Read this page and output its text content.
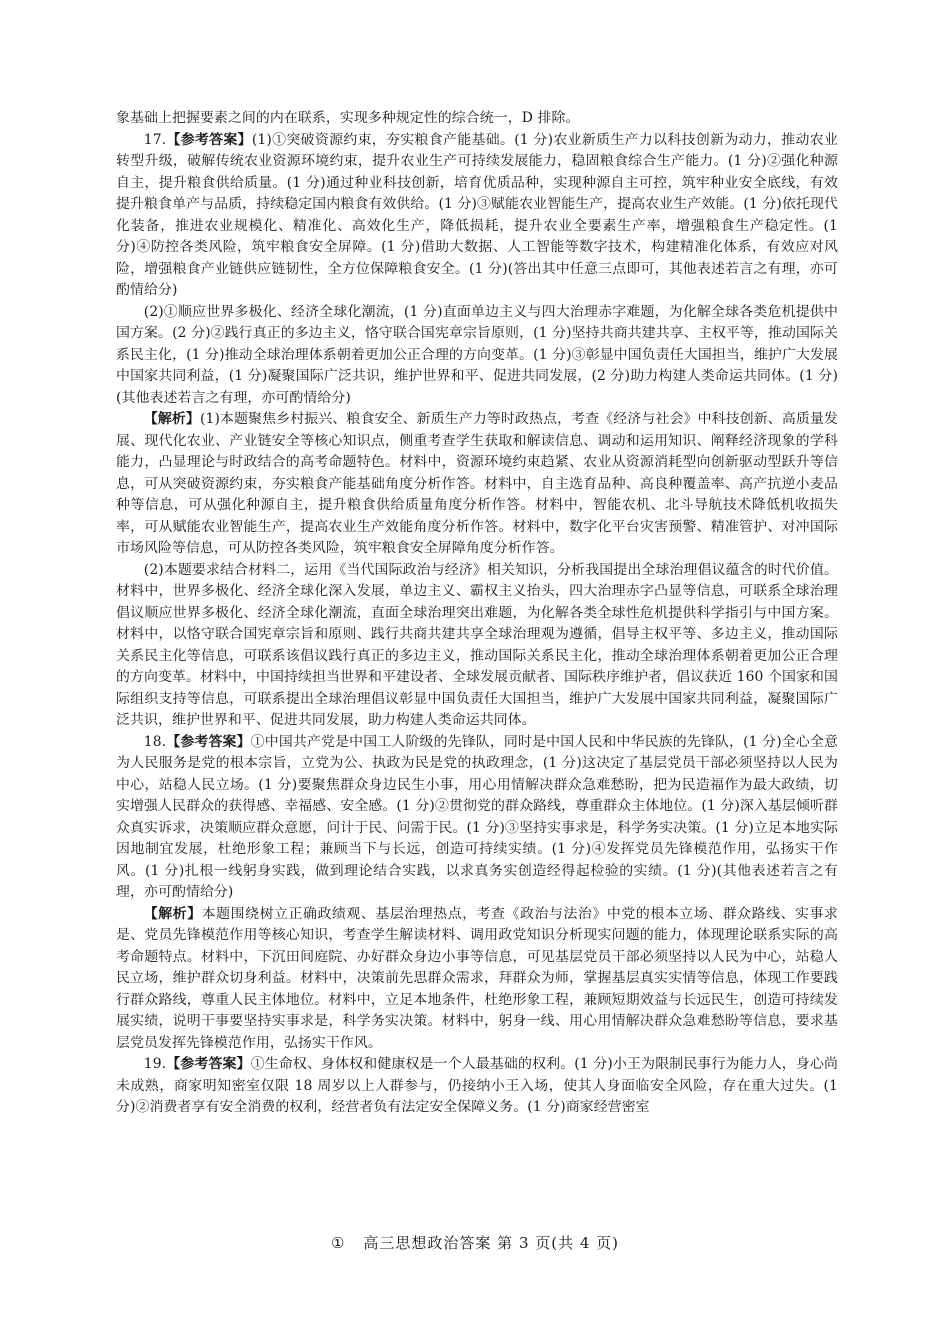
象基础上把握要素之间的内在联系，实现多种规定性的综合统一，D 排除。

17.【参考答案】(1)①突破资源约束，夯实粮食产能基础。(1 分)农业新质生产力以科技创新为动力，推动农业转型升级，破解传统农业资源环境约束，提升农业生产可持续发展能力，稳固粮食综合生产能力。(1 分)②强化种源自主，提升粮食供给质量。(1 分)通过种业科技创新，培育优质品种，实现种源自主可控，筑牢种业安全底线，有效提升粮食单产与品质，持续稳定国内粮食有效供给。(1 分)③赋能农业智能生产，提高农业生产效能。(1 分)依托现代化装备，推进农业规模化、精准化、高效化生产，降低损耗，提升农业全要素生产率，增强粮食生产稳定性。(1 分)④防控各类风险，筑牢粮食安全屏障。(1 分)借助大数据、人工智能等数字技术，构建精准化体系，有效应对风险，增强粮食产业链供应链韧性，全方位保障粮食安全。(1 分)(答出其中任意三点即可，其他表述若言之有理，亦可酌情给分)

(2)①顺应世界多极化、经济全球化潮流，(1 分)直面单边主义与四大治理赤字难题，为化解全球各类危机提供中国方案。(2 分)②践行真正的多边主义，恪守联合国宪章宗旨原则，(1 分)坚持共商共建共享、主权平等，推动国际关系民主化，(1 分)推动全球治理体系朝着更加公正合理的方向变革。(1 分)③彰显中国负责任大国担当，维护广大发展中国家共同利益，(1 分)凝聚国际广泛共识，维护世界和平、促进共同发展，(2 分)助力构建人类命运共同体。(1 分)(其他表述若言之有理，亦可酌情给分)

【解析】(1)本题聚焦乡村振兴、粮食安全、新质生产力等时政热点，考查《经济与社会》中科技创新、高质量发展、现代化农业、产业链安全等核心知识点，侧重考查学生获取和解读信息、调动和运用知识、阐释经济现象的学科能力，凸显理论与时政结合的高考命题特色。材料中，资源环境约束趋紧、农业从资源消耗型向创新驱动型跃升等信息，可从突破资源约束，夯实粮食产能基础角度分析作答。材料中，自主选育品种、高良种覆盖率、高产抗逆小麦品种等信息，可从强化种源自主，提升粮食供给质量角度分析作答。材料中，智能农机、北斗导航技术降低机收损失率，可从赋能农业智能生产，提高农业生产效能角度分析作答。材料中，数字化平台灾害预警、精准管护、对冲国际市场风险等信息，可从防控各类风险，筑牢粮食安全屏障角度分析作答。

(2)本题要求结合材料二，运用《当代国际政治与经济》相关知识，分析我国提出全球治理倡议蕴含的时代价值。材料中，世界多极化、经济全球化深入发展，单边主义、霸权主义抬头，四大治理赤字凸显等信息，可联系全球治理倡议顺应世界多极化、经济全球化潮流，直面全球治理突出难题，为化解各类全球性危机提供科学指引与中国方案。材料中，以恪守联合国宪章宗旨和原则、践行共商共建共享全球治理观为遵循，倡导主权平等、多边主义，推动国际关系民主化等信息，可联系该倡议践行真正的多边主义，推动国际关系民主化，推动全球治理体系朝着更加公正合理的方向变革。材料中，中国持续担当世界和平建设者、全球发展贡献者、国际秩序维护者，倡议获近 160 个国家和国际组织支持等信息，可联系提出全球治理倡议彰显中国负责任大国担当，维护广大发展中国家共同利益，凝聚国际广泛共识，维护世界和平、促进共同发展，助力构建人类命运共同体。

18.【参考答案】①中国共产党是中国工人阶级的先锋队，同时是中国人民和中华民族的先锋队，(1 分)全心全意为人民服务是党的根本宗旨，立党为公、执政为民是党的执政理念，(1 分)这决定了基层党员干部必须坚持以人民为中心，站稳人民立场。(1 分)要聚焦群众身边民生小事，用心用情解决群众急难愁盼，把为民造福作为最大政绩，切实增强人民群众的获得感、幸福感、安全感。(1 分)②贯彻党的群众路线，尊重群众主体地位。(1 分)深入基层倾听群众真实诉求，决策顺应群众意愿，问计于民、问需于民。(1 分)③坚持实事求是，科学务实决策。(1 分)立足本地实际因地制宜发展，杜绝形象工程；兼顾当下与长远，创造可持续实绩。(1 分)④发挥党员先锋模范作用，弘扬实干作风。(1 分)扎根一线躬身实践，做到理论结合实践，以求真务实创造经得起检验的实绩。(1 分)(其他表述若言之有理，亦可酌情给分)

【解析】本题围绕树立正确政绩观、基层治理热点，考查《政治与法治》中党的根本立场、群众路线、实事求是、党员先锋模范作用等核心知识，考查学生解读材料、调用政党知识分析现实问题的能力，体现理论联系实际的高考命题特点。材料中，下沉田间庭院、办好群众身边小事等信息，可见基层党员干部必须坚持以人民为中心，站稳人民立场，维护群众切身利益。材料中，决策前先思群众需求，拜群众为师，掌握基层真实实情等信息，体现工作要践行群众路线，尊重人民主体地位。材料中，立足本地条件，杜绝形象工程，兼顾短期效益与长远民生，创造可持续发展实绩，说明干事要坚持实事求是，科学务实决策。材料中，躬身一线、用心用情解决群众急难愁盼等信息，要求基层党员发挥先锋模范作用，弘扬实干作风。

19.【参考答案】①生命权、身体权和健康权是一个人最基础的权利。(1 分)小王为限制民事行为能力人，身心尚未成熟，商家明知密室仅限 18 周岁以上人群参与，仍接纳小王入场，使其人身面临安全风险，存在重大过失。(1 分)②消费者享有安全消费的权利，经营者负有法定安全保障义务。(1 分)商家经营密室

① 高三思想政治答案 第 3 页(共 4 页)
